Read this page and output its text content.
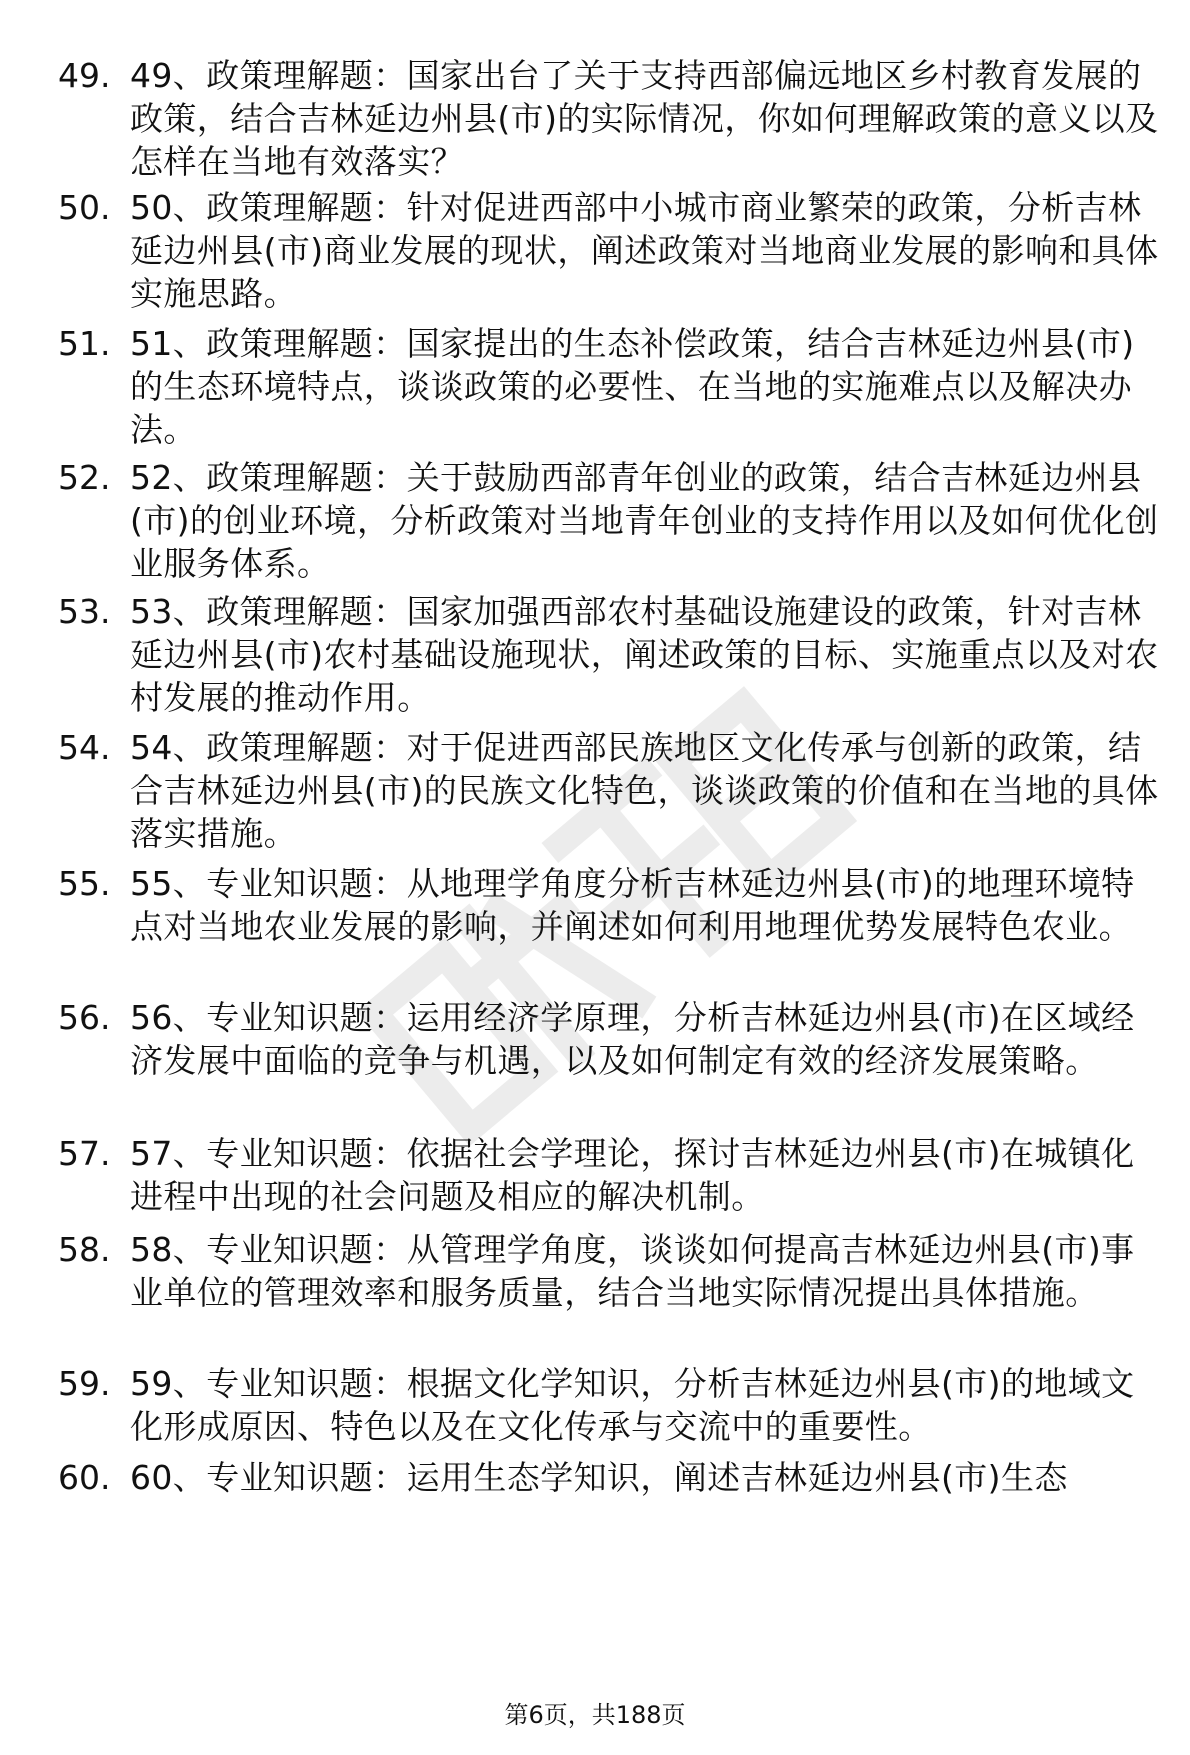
49. 49、政策理解题：国家出台了关于支持西部偏远地区乡村教育发展的政策，结合吉林延边州县(市)的实际情况，你如何理解政策的意义以及怎样在当地有效落实？
50. 50、政策理解题：针对促进西部中小城市商业繁荣的政策，分析吉林延边州县(市)商业发展的现状，阐述政策对当地商业发展的影响和具体实施思路。
51. 51、政策理解题：国家提出的生态补偿政策，结合吉林延边州县(市)的生态环境特点，谈谈政策的必要性、在当地的实施难点以及解决办法。
52. 52、政策理解题：关于鼓励西部青年创业的政策，结合吉林延边州县(市)的创业环境，分析政策对当地青年创业的支持作用以及如何优化创业服务体系。
53. 53、政策理解题：国家加强西部农村基础设施建设的政策，针对吉林延边州县(市)农村基础设施现状，阐述政策的目标、实施重点以及对农村发展的推动作用。
54. 54、政策理解题：对于促进西部民族地区文化传承与创新的政策，结合吉林延边州县(市)的民族文化特色，谈谈政策的价值和在当地的具体落实措施。
55. 55、专业知识题：从地理学角度分析吉林延边州县(市)的地理环境特点对当地农业发展的影响，并阐述如何利用地理优势发展特色农业。
56. 56、专业知识题：运用经济学原理，分析吉林延边州县(市)在区域经济发展中面临的竞争与机遇，以及如何制定有效的经济发展策略。
57. 57、专业知识题：依据社会学理论，探讨吉林延边州县(市)在城镇化进程中出现的社会问题及相应的解决机制。
58. 58、专业知识题：从管理学角度，谈谈如何提高吉林延边州县(市)事业单位的管理效率和服务质量，结合当地实际情况提出具体措施。
59. 59、专业知识题：根据文化学知识，分析吉林延边州县(市)的地域文化形成原因、特色以及在文化传承与交流中的重要性。
60. 60、专业知识题：运用生态学知识，阐述吉林延边州县(市)生态
第6页，共188页
